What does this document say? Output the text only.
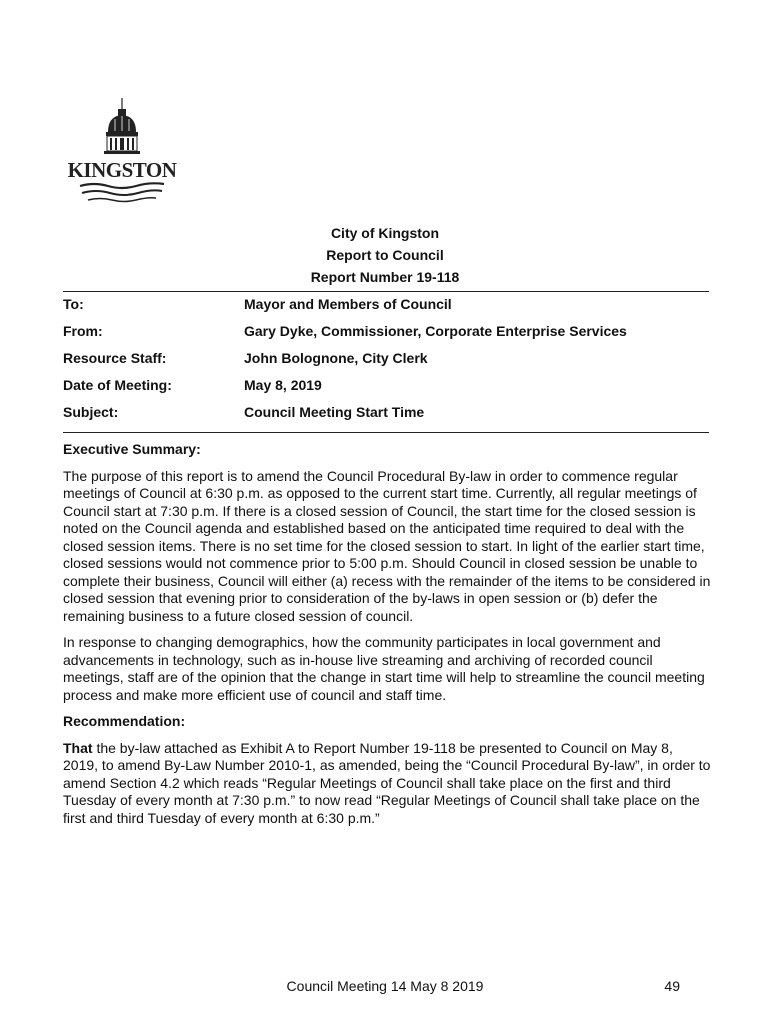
KINGSTON
City of Kingston
Report to Council
Report Number 19-118
To:	Mayor and Members of Council
From:	Gary Dyke, Commissioner, Corporate Enterprise Services
Resource Staff:	John Bolognone, City Clerk
Date of Meeting:	May 8, 2019
Subject:	Council Meeting Start Time
Executive Summary:

The purpose of this report is to amend the Council Procedural By-law in order to commence regular meetings of Council at 6:30 p.m. as opposed to the current start time. Currently, all regular meetings of Council start at 7:30 p.m. If there is a closed session of Council, the start time for the closed session is noted on the Council agenda and established based on the anticipated time required to deal with the closed session items. There is no set time for the closed session to start. In light of the earlier start time, closed sessions would not commence prior to 5:00 p.m. Should Council in closed session be unable to complete their business, Council will either (a) recess with the remainder of the items to be considered in closed session that evening prior to consideration of the by-laws in open session or (b) defer the remaining business to a future closed session of council.

In response to changing demographics, how the community participates in local government and advancements in technology, such as in-house live streaming and archiving of recorded council meetings, staff are of the opinion that the change in start time will help to streamline the council meeting process and make more efficient use of council and staff time.

Recommendation:

That the by-law attached as Exhibit A to Report Number 19-118 be presented to Council on May 8, 2019, to amend By-Law Number 2010-1, as amended, being the “Council Procedural By-law”, in order to amend Section 4.2 which reads “Regular Meetings of Council shall take place on the first and third Tuesday of every month at 7:30 p.m.” to now read “Regular Meetings of Council shall take place on the first and third Tuesday of every month at 6:30 p.m.”

Council Meeting 14 May 8 2019	49
